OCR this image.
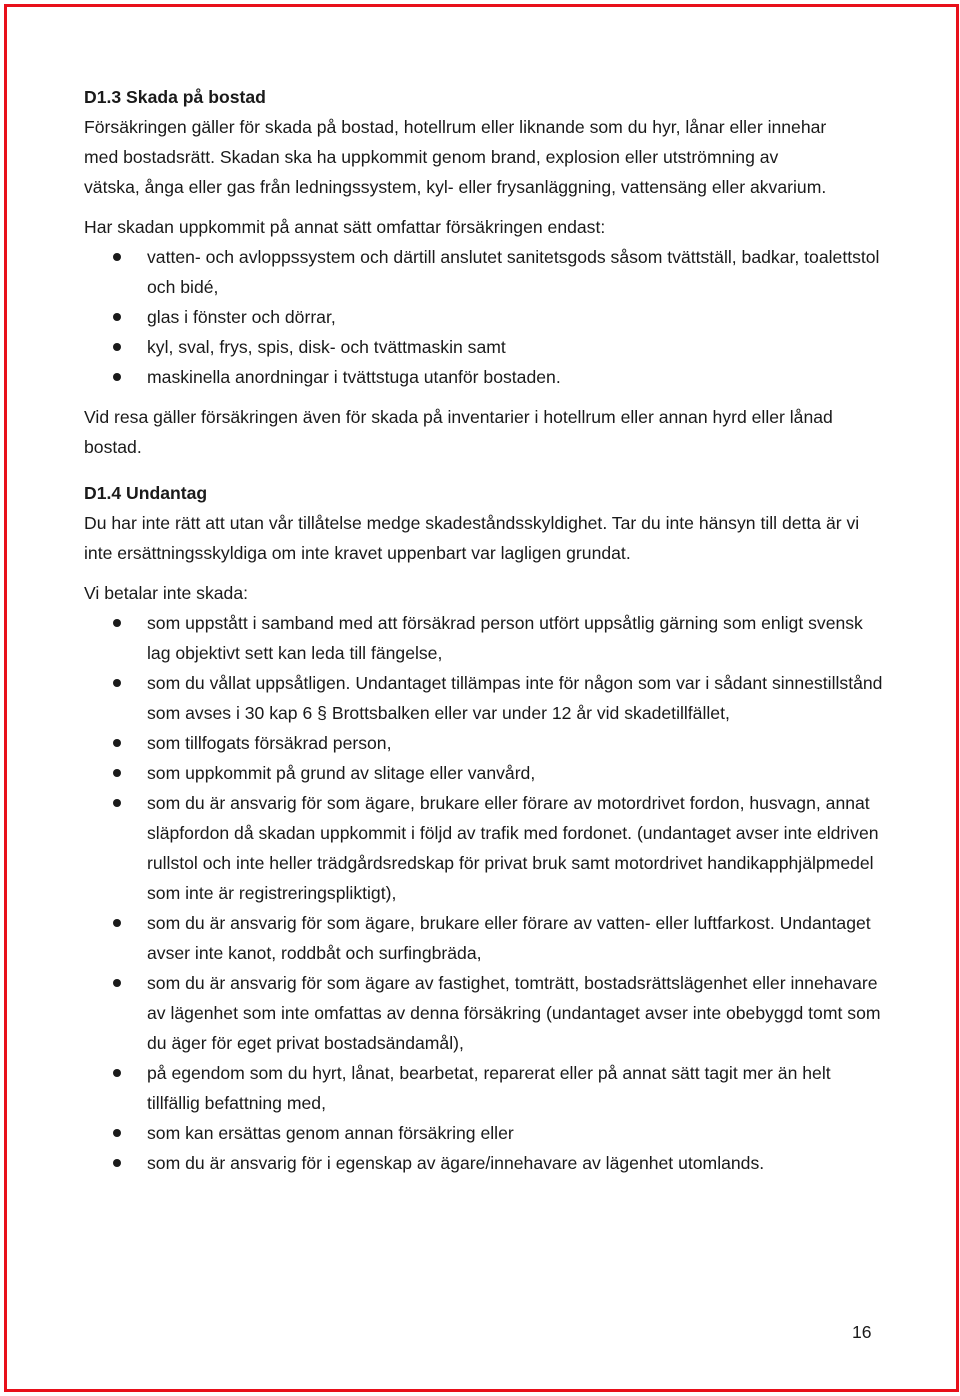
D1.3 Skada på bostad

Försäkringen gäller för skada på bostad, hotellrum eller liknande som du hyr, lånar eller innehar med bostadsrätt. Skadan ska ha uppkommit genom brand, explosion eller utströmning av vätska, ånga eller gas från ledningssystem, kyl- eller frysanläggning, vattensäng eller akvarium.

Har skadan uppkommit på annat sätt omfattar försäkringen endast:

vatten- och avloppssystem och därtill anslutet sanitetsgods såsom tvättställ, badkar, toalettstol och bidé,
glas i fönster och dörrar,
kyl, sval, frys, spis, disk- och tvättmaskin samt
maskinella anordningar i tvättstuga utanför bostaden.

Vid resa gäller försäkringen även för skada på inventarier i hotellrum eller annan hyrd eller lånad bostad.

D1.4 Undantag

Du har inte rätt att utan vår tillåtelse medge skadeståndsskyldighet. Tar du inte hänsyn till detta är vi inte ersättningsskyldiga om inte kravet uppenbart var lagligen grundat.

Vi betalar inte skada:

som uppstått i samband med att försäkrad person utfört uppsåtlig gärning som enligt svensk lag objektivt sett kan leda till fängelse,
som du vållat uppsåtligen. Undantaget tillämpas inte för någon som var i sådant sinnestillstånd som avses i 30 kap 6 § Brottsbalken eller var under 12 år vid skadetillfället,
som tillfogats försäkrad person,
som uppkommit på grund av slitage eller vanvård,
som du är ansvarig för som ägare, brukare eller förare av motordrivet fordon, husvagn, annat släpfordon då skadan uppkommit i följd av trafik med fordonet. (undantaget avser inte eldriven rullstol och inte heller trädgårdsredskap för privat bruk samt motordrivet handikapphjälpmedel som inte är registreringspliktigt),
som du är ansvarig för som ägare, brukare eller förare av vatten- eller luftfarkost. Undantaget avser inte kanot, roddbåt och surfingbräda,
som du är ansvarig för som ägare av fastighet, tomträtt, bostadsrättslägenhet eller innehavare av lägenhet som inte omfattas av denna försäkring (undantaget avser inte obebyggd tomt som du äger för eget privat bostadsändamål),
på egendom som du hyrt, lånat, bearbetat, reparerat eller på annat sätt tagit mer än helt tillfällig befattning med,
som kan ersättas genom annan försäkring eller
som du är ansvarig för i egenskap av ägare/innehavare av lägenhet utomlands.
16
